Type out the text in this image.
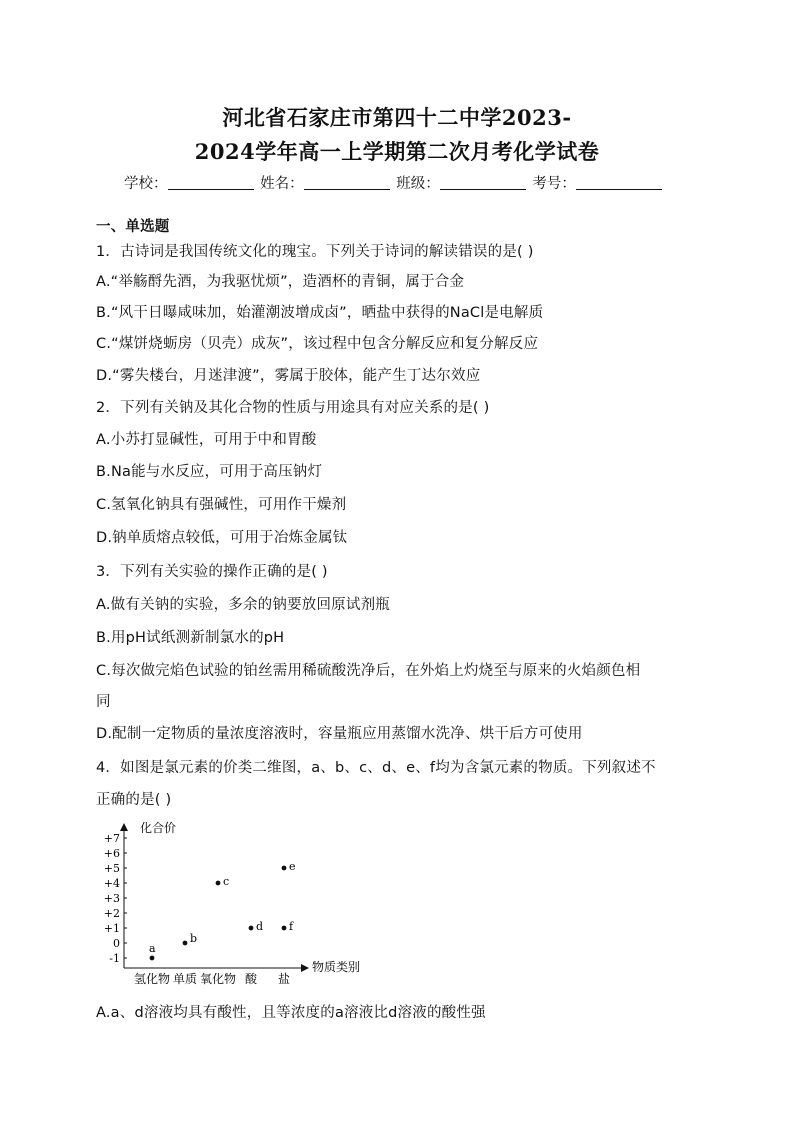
河北省石家庄市第四十二中学2023-
2024学年高一上学期第二次月考化学试卷
学校：	姓名：	班级：	考号：
一、单选题
1．古诗词是我国传统文化的瑰宝。下列关于诗词的解读错误的是( )
A.“举觞酹先酒，为我驱忧烦”，造酒杯的青铜，属于合金
B.“风干日曝咸味加，始灌潮波增成卤”，晒盐中获得的NaCl是电解质
C.“煤饼烧蛎房（贝壳）成灰”，该过程中包含分解反应和复分解反应
D.“雾失楼台，月迷津渡”，雾属于胶体，能产生丁达尔效应
2．下列有关钠及其化合物的性质与用途具有对应关系的是( )
A.小苏打显碱性，可用于中和胃酸
B.Na能与水反应，可用于高压钠灯
C.氢氧化钠具有强碱性，可用作干燥剂
D.钠单质熔点较低，可用于冶炼金属钛
3．下列有关实验的操作正确的是( )
A.做有关钠的实验，多余的钠要放回原试剂瓶
B.用pH试纸测新制氯水的pH
C.每次做完焰色试验的铂丝需用稀硫酸洗净后，在外焰上灼烧至与原来的火焰颜色相
同
D.配制一定物质的量浓度溶液时，容量瓶应用蒸馏水洗净、烘干后方可使用
4．如图是氯元素的价类二维图，a、b、c、d、e、f均为含氯元素的物质。下列叙述不
正确的是( )
化合价
物质类别
+7
+6
+5
+4
+3
+2
+1
0
-1
氢化物 单质 氧化物 酸 盐
a
b
c
d
e
f
A.a、d溶液均具有酸性，且等浓度的a溶液比d溶液的酸性强
